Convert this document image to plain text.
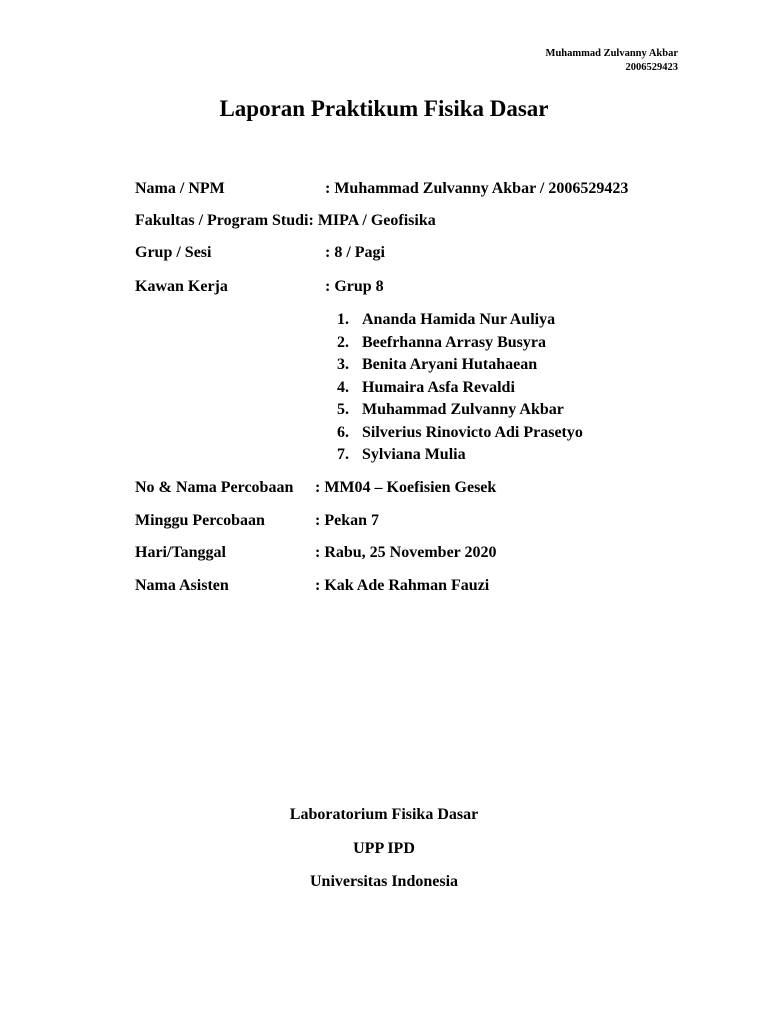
Muhammad Zulvanny Akbar
2006529423
Laporan Praktikum Fisika Dasar
Nama / NPM	: Muhammad Zulvanny Akbar / 2006529423
Fakultas / Program Studi: MIPA / Geofisika
Grup / Sesi	: 8 / Pagi
Kawan Kerja	: Grup 8
1. Ananda Hamida Nur Auliya
2. Beefrhanna Arrasy Busyra
3. Benita Aryani Hutahaean
4. Humaira Asfa Revaldi
5. Muhammad Zulvanny Akbar
6. Silverius Rinovicto Adi Prasetyo
7. Sylviana Mulia
No & Nama Percobaan : MM04 – Koefisien Gesek
Minggu Percobaan	: Pekan 7
Hari/Tanggal	: Rabu, 25 November 2020
Nama Asisten	: Kak Ade Rahman Fauzi
Laboratorium Fisika Dasar
UPP IPD
Universitas Indonesia
